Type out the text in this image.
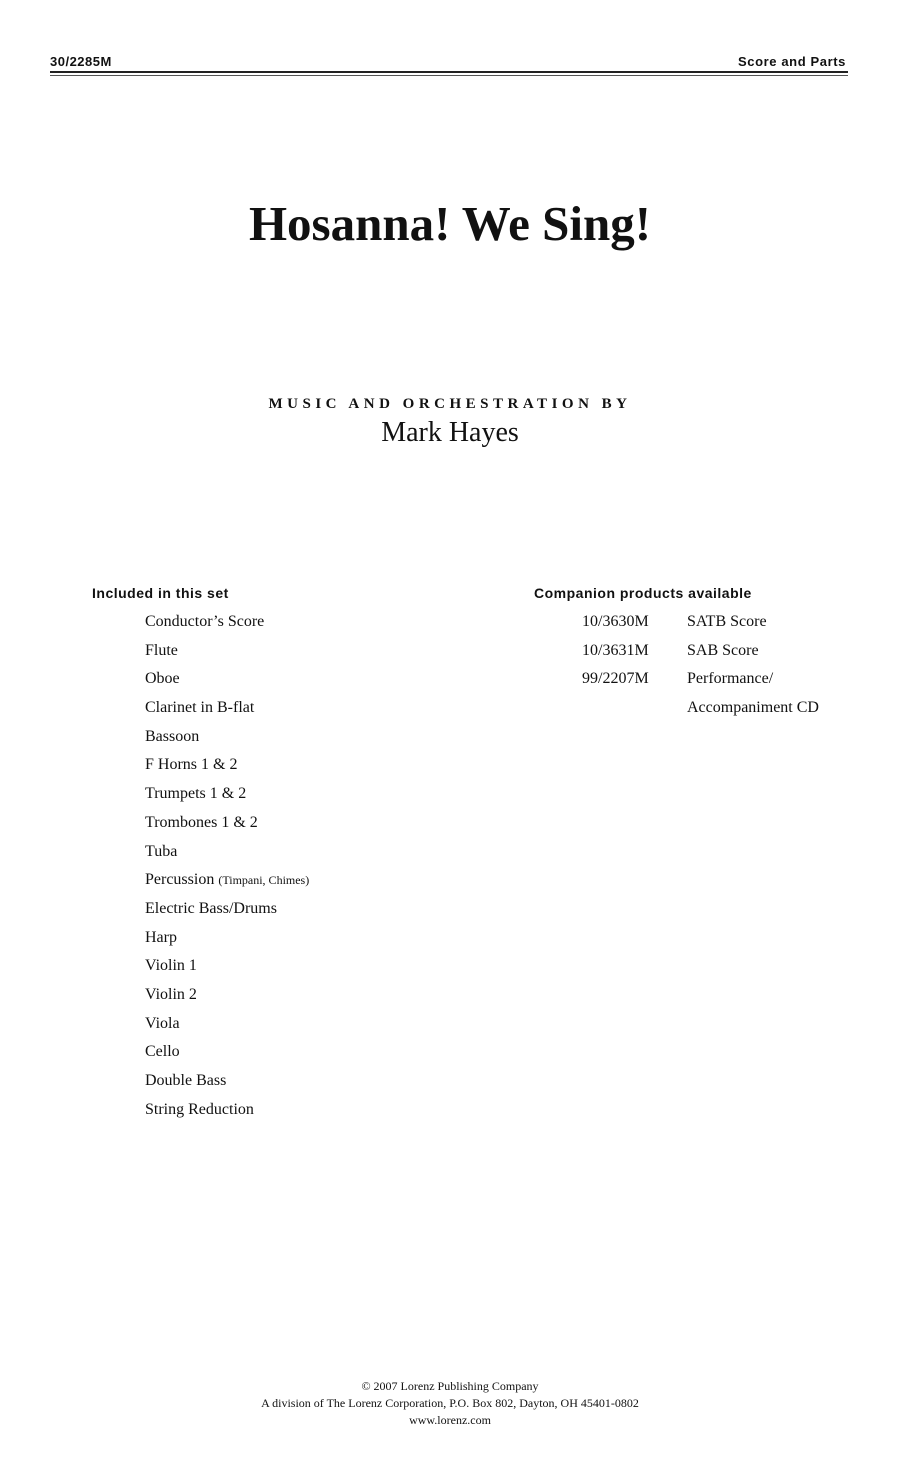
30/2285M	Score and Parts
Hosanna! We Sing!
MUSIC AND ORCHESTRATION BY
Mark Hayes
Included in this set
Conductor’s Score
Flute
Oboe
Clarinet in B-flat
Bassoon
F Horns 1 & 2
Trumpets 1 & 2
Trombones 1 & 2
Tuba
Percussion (Timpani, Chimes)
Electric Bass/Drums
Harp
Violin 1
Violin 2
Viola
Cello
Double Bass
String Reduction
Companion products available
10/3630M SATB Score
10/3631M SAB Score
99/2207M Performance/
Accompaniment CD
© 2007 Lorenz Publishing Company
A division of The Lorenz Corporation, P.O. Box 802, Dayton, OH 45401-0802
www.lorenz.com
